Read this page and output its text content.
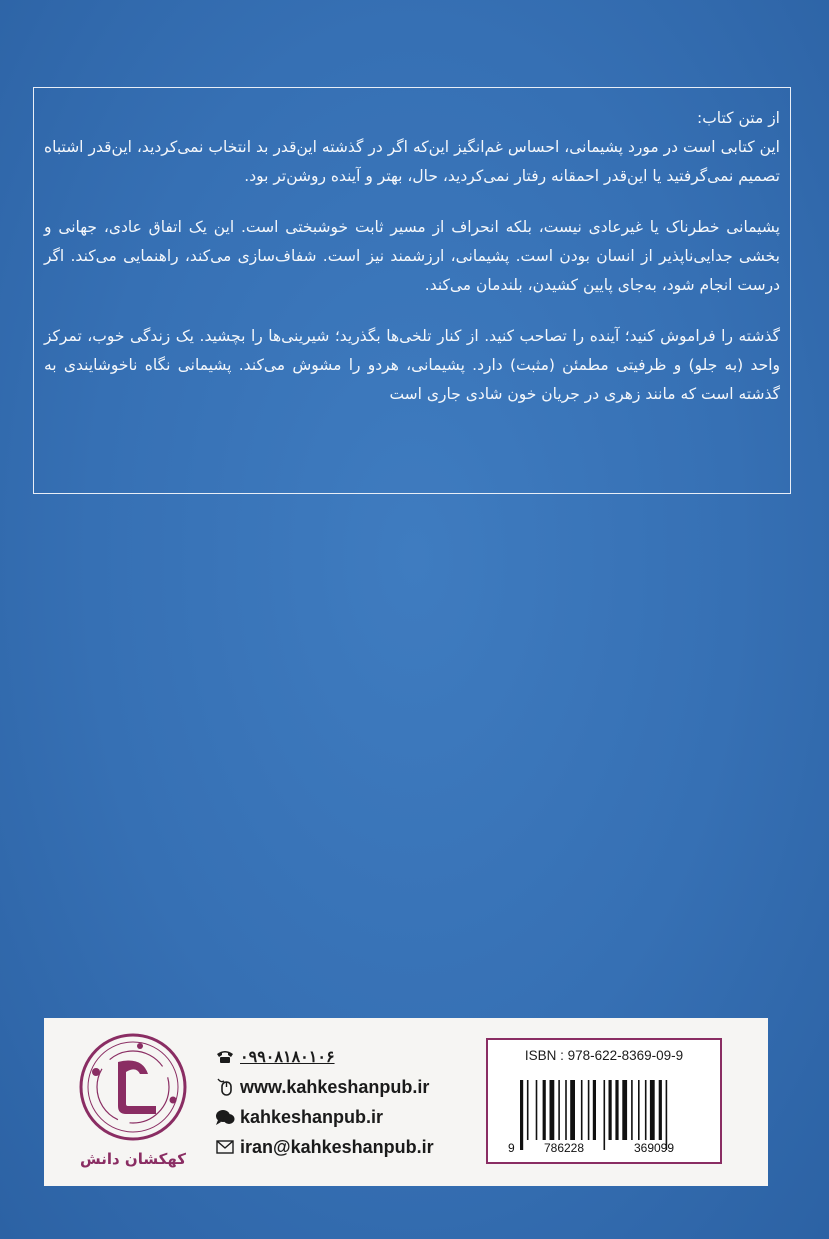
از متن کتاب:

این کتابی است در مورد پشیمانی، احساس غم‌انگیز این‌که اگر در گذشته این‌قدر بد انتخاب نمی‌کردید، این‌قدر اشتباه تصمیم نمی‌گرفتید یا این‌قدر احمقانه رفتار نمی‌کردید، حال، بهتر و آینده روشن‌تر بود.

پشیمانی خطرناک یا غیرعادی نیست، بلکه انحراف از مسیر ثابت خوشبختی است. این یک اتفاق عادی، جهانی و بخشی جدایی‌ناپذیر از انسان بودن است. پشیمانی، ارزشمند نیز است. شفاف‌سازی می‌کند، راهنمایی می‌کند. اگر درست انجام شود، به‌جای پایین کشیدن، بلندمان می‌کند.

گذشته را فراموش کنید؛ آینده را تصاحب کنید. از کنار تلخی‌ها بگذرید؛ شیرینی‌ها را بچشید. یک زندگی خوب، تمرکز واحد (به جلو) و ظرفیتی مطمئن (مثبت) دارد. پشیمانی، هردو را مشوش می‌کند. پشیمانی نگاه ناخوشایندی به گذشته است که مانند زهری در جریان خون شادی جاری است

کهکشان دانش
۰۹۹۰۸۱۸۰۱۰۶
www.kahkeshanpub.ir
kahkeshanpub.ir
iran@kahkeshanpub.ir
ISBN : 978-622-8369-09-9
9 786228	369099
